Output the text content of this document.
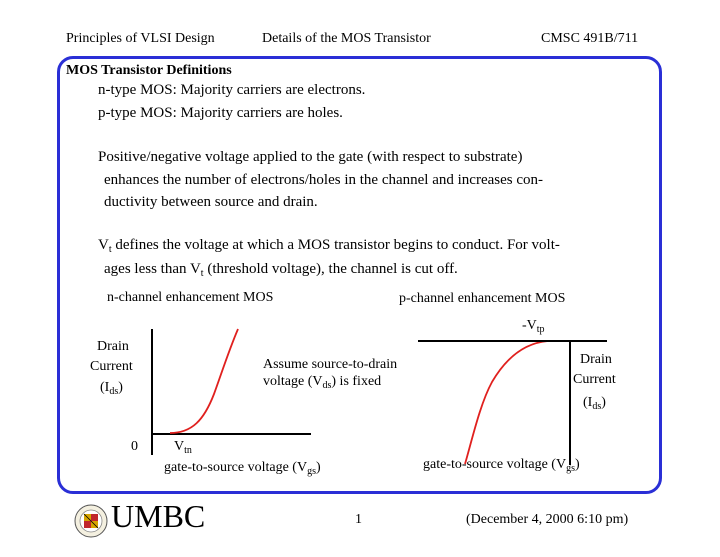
Principles of VLSI Design	Details of the MOS Transistor	CMSC 491B/711
MOS Transistor Definitions
n-type MOS: Majority carriers are electrons.
p-type MOS: Majority carriers are holes.
Positive/negative voltage applied to the gate (with respect to substrate)
enhances the number of electrons/holes in the channel and increases con-
ductivity between source and drain.
$V_t$ defines the voltage at which a MOS transistor begins to conduct. For volt-
ages less than $V_t$ (threshold voltage), the channel is cut off.
n-channel enhancement MOS
Drain
Current
$(I_{ds})$
0	$V_{tn}$
gate-to-source voltage $(V_{gs})$
Assume source-to-drain
voltage $(V_{ds})$ is fixed
p-channel enhancement MOS
$-V_{tp}$
Drain
Current
$(I_{ds})$
gate-to-source voltage $(V_{gs})$
UMBC	1	(December 4, 2000 6:10 pm)
